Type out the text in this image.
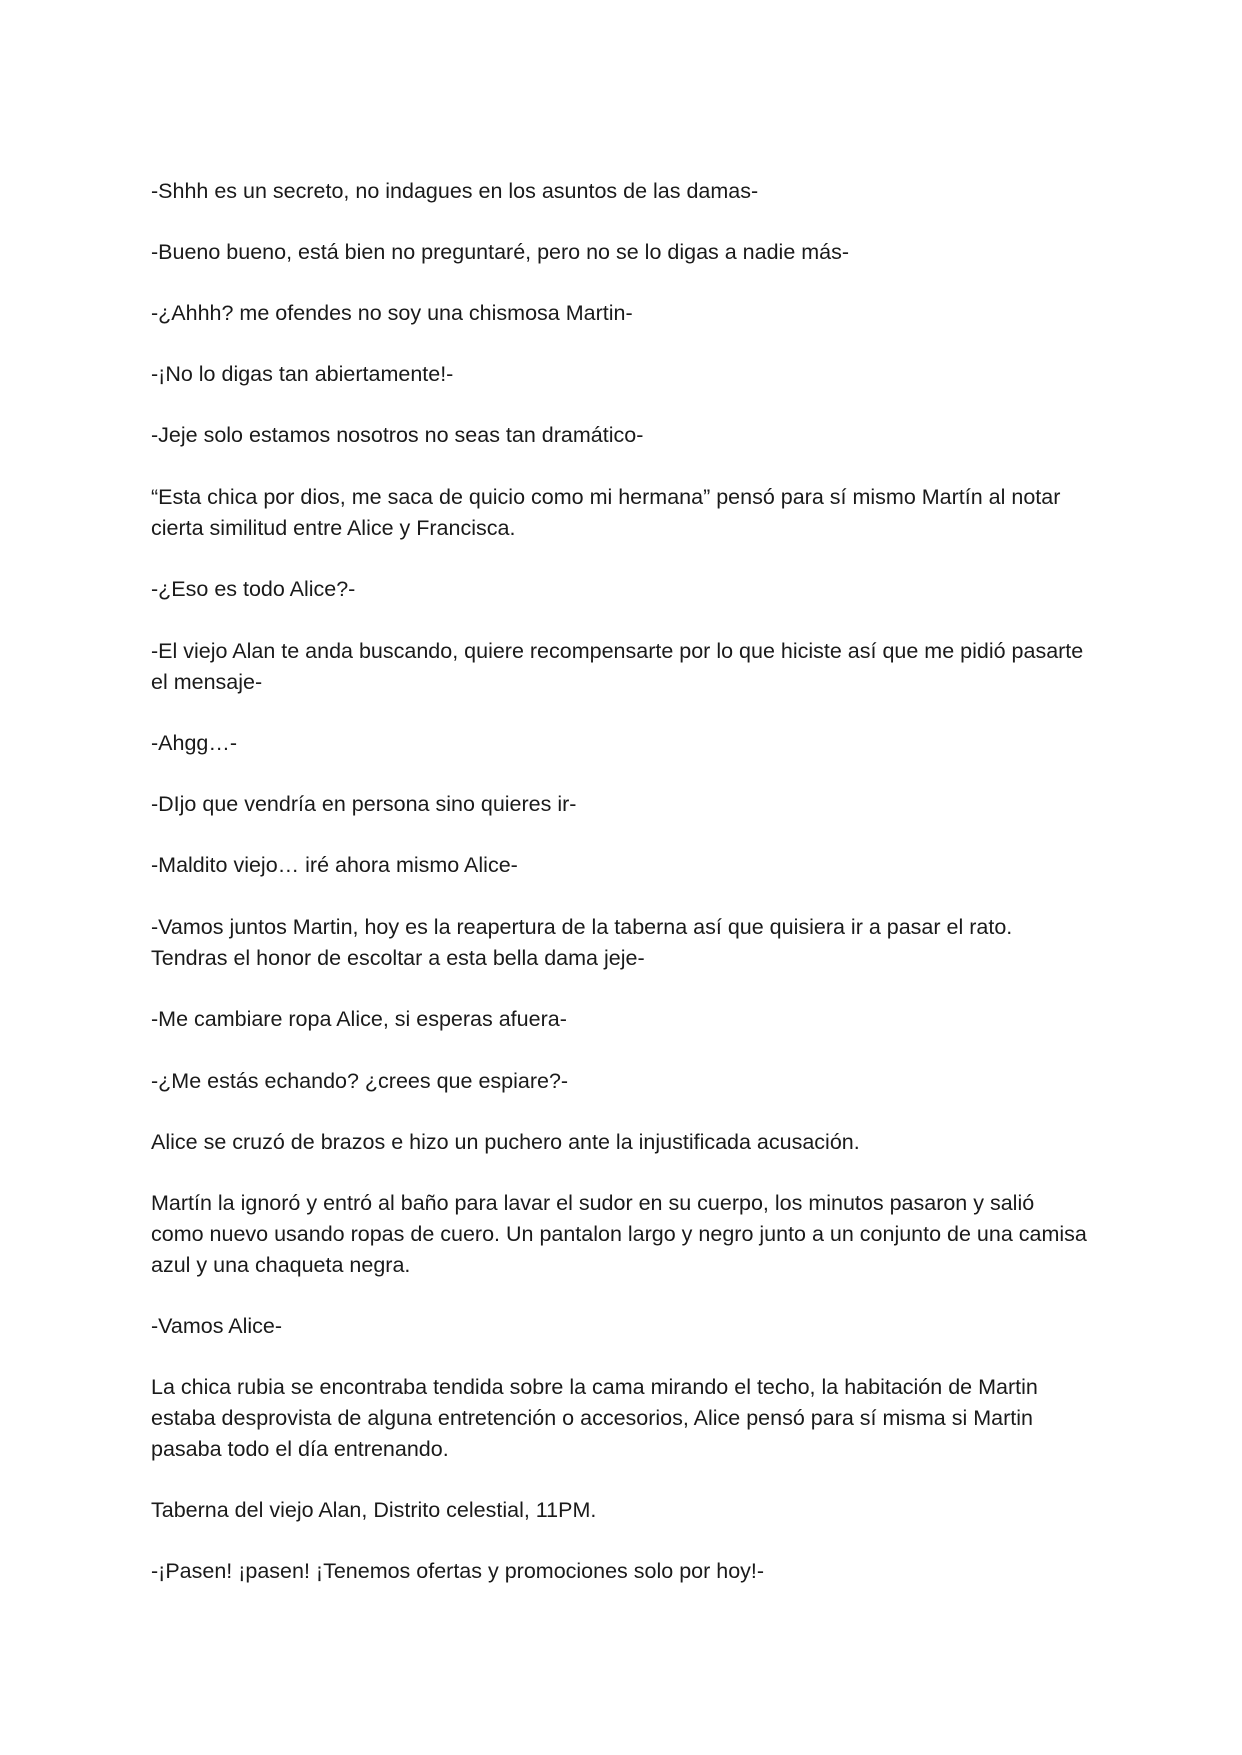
-Shhh es un secreto, no indagues en los asuntos de las damas-

-Bueno bueno, está bien no preguntaré, pero no se lo digas a nadie más-

-¿Ahhh? me ofendes no soy una chismosa Martin-

-¡No lo digas tan abiertamente!-

-Jeje solo estamos nosotros no seas tan dramático-

“Esta chica por dios, me saca de quicio como mi hermana” pensó para sí mismo Martín al notar cierta similitud entre Alice y Francisca.

-¿Eso es todo Alice?-

-El viejo Alan te anda buscando, quiere recompensarte por lo que hiciste así que me pidió pasarte el mensaje-

-Ahgg…-

-DIjo que vendría en persona sino quieres ir-

-Maldito viejo… iré ahora mismo Alice-

-Vamos juntos Martin, hoy es la reapertura de la taberna así que quisiera ir a pasar el rato. Tendras el honor de escoltar a esta bella dama jeje-

-Me cambiare ropa Alice, si esperas afuera-

-¿Me estás echando? ¿crees que espiare?-

Alice se cruzó de brazos e hizo un puchero ante la injustificada acusación.

Martín la ignoró y entró al baño para lavar el sudor en su cuerpo, los minutos pasaron y salió como nuevo usando ropas de cuero. Un pantalon largo y negro junto a un conjunto de una camisa azul y una chaqueta negra.

-Vamos Alice-

La chica rubia se encontraba tendida sobre la cama mirando el techo, la habitación de Martin estaba desprovista de alguna entretención o accesorios, Alice pensó para sí misma si Martin pasaba todo el día entrenando.

Taberna del viejo Alan, Distrito celestial, 11PM.

-¡Pasen! ¡pasen! ¡Tenemos ofertas y promociones solo por hoy!-
